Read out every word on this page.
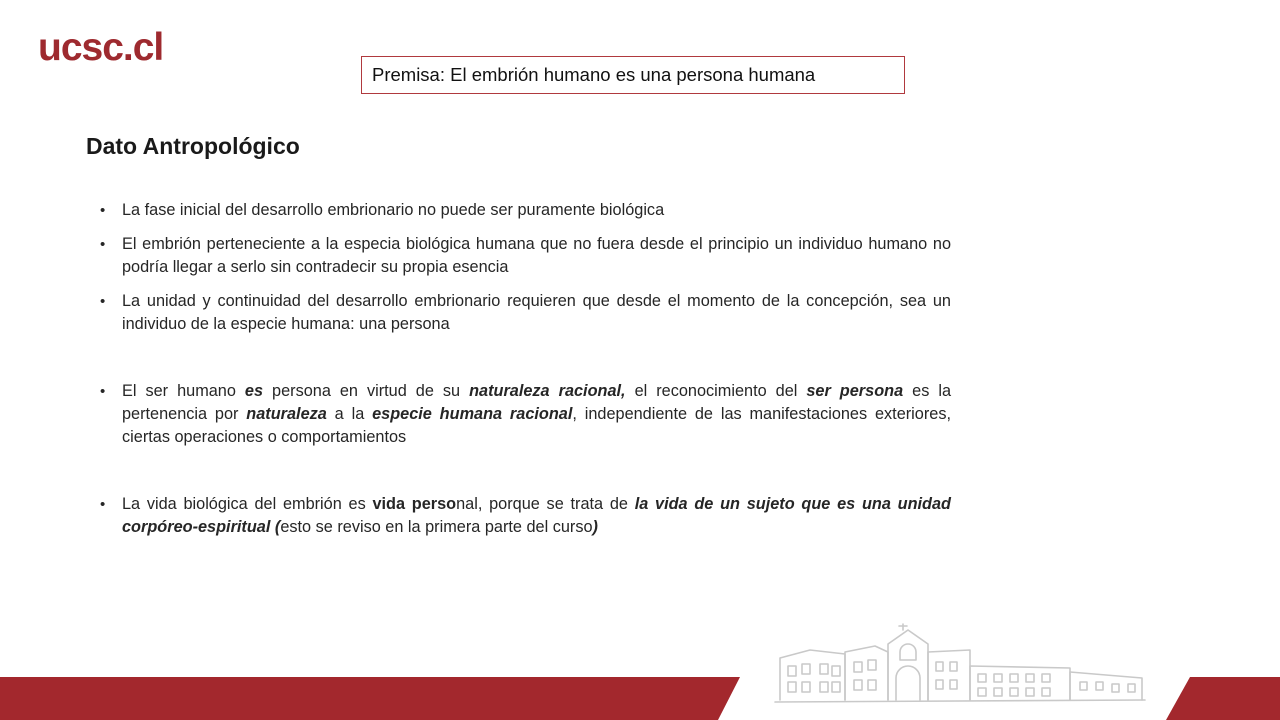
ucsc.cl
Premisa: El embrión humano es una persona humana
Dato Antropológico
• La fase inicial del desarrollo embrionario no puede ser puramente biológica
• El embrión perteneciente a la especia biológica humana que no fuera desde el principio un individuo humano no podría llegar a serlo sin contradecir su propia esencia
• La unidad y continuidad del desarrollo embrionario requieren que desde el momento de la concepción, sea un individuo de la especie humana: una persona
• El ser humano es persona en virtud de su naturaleza racional, el reconocimiento del ser persona es la pertenencia por naturaleza a la especie humana racional, independiente de las manifestaciones exteriores, ciertas operaciones o comportamientos
• La vida biológica del embrión es vida personal, porque se trata de la vida de un sujeto que es una unidad corpóreo-espiritual (esto se reviso en la primera parte del curso)
